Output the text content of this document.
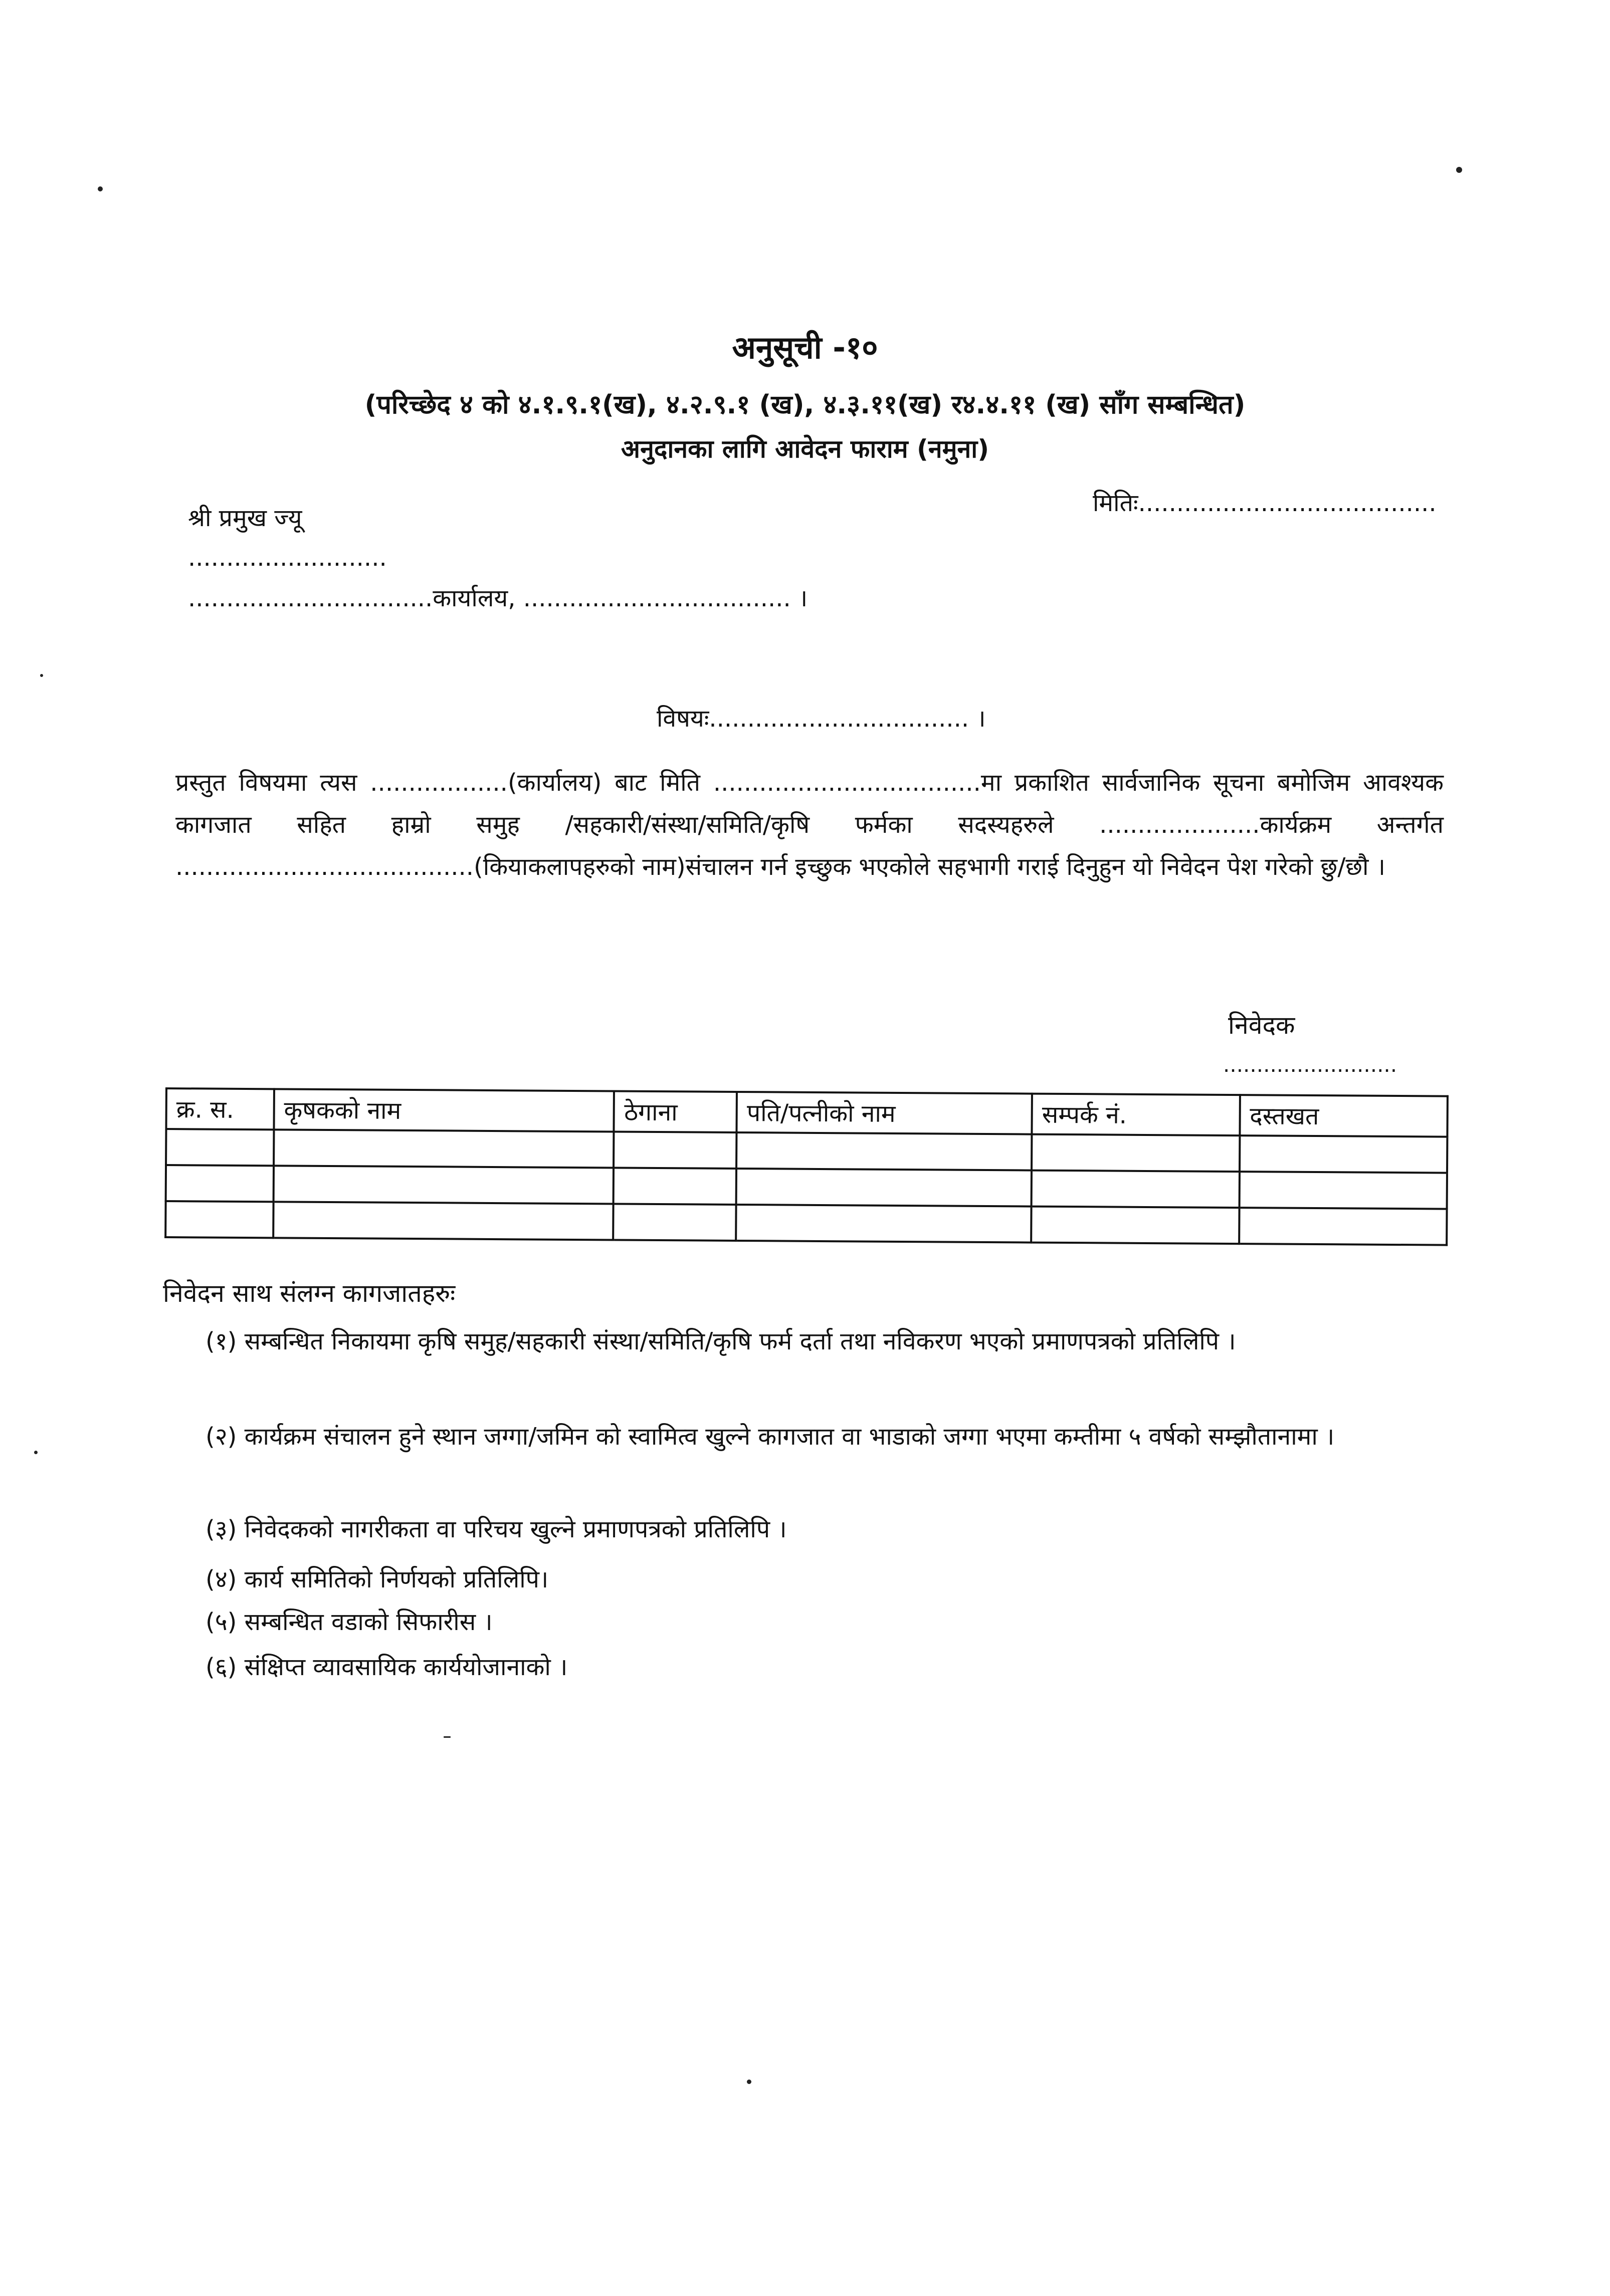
अनुसूची -१०
(परिच्छेद ४ को ४.१.९.१(ख), ४.२.९.१ (ख), ४.३.११(ख) र४.४.११ (ख) साँग सम्बन्धित)
अनुदानका लागि आवेदन फाराम (नमुना)
मितिः.......................................
श्री प्रमुख ज्यू
..........................
................................कार्यालय, ................................... ।
विषयः.................................. ।
प्रस्तुत विषयमा त्यस ..................(कार्यालय) बाट मिति ...................................मा प्रकाशित सार्वजानिक सूचना बमोजिम आवश्यक कागजात सहित हाम्रो समुह /सहकारी/संस्था/समिति/कृषि फर्मका सदस्यहरुले .....................कार्यक्रम अन्तर्गत .......................................(कियाकलापहरुको नाम)संचालन गर्न इच्छुक भएकोले सहभागी गराई दिनुहुन यो निवेदन पेश गरेको छु/छौ ।
निवेदक
..........................
क्र. स.	कृषकको नाम	ठेगाना	पति/पत्नीको नाम	सम्पर्क नं.	दस्तखत

निवेदन साथ संलग्न कागजातहरुः
(१) सम्बन्धित निकायमा कृषि समुह/सहकारी संस्था/समिति/कृषि फर्म दर्ता तथा नविकरण भएको प्रमाणपत्रको प्रतिलिपि ।
(२) कार्यक्रम संचालन हुने स्थान जग्गा/जमिन को स्वामित्व खुल्ने कागजात वा भाडाको जग्गा भएमा कम्तीमा ५ वर्षको सम्झौतानामा ।
(३) निवेदकको नागरीकता वा परिचय खुल्ने प्रमाणपत्रको प्रतिलिपि ।
(४) कार्य समितिको निर्णयको प्रतिलिपि।
(५) सम्बन्धित वडाको सिफारीस ।
(६) संक्षिप्त व्यावसायिक कार्ययोजानाको ।
